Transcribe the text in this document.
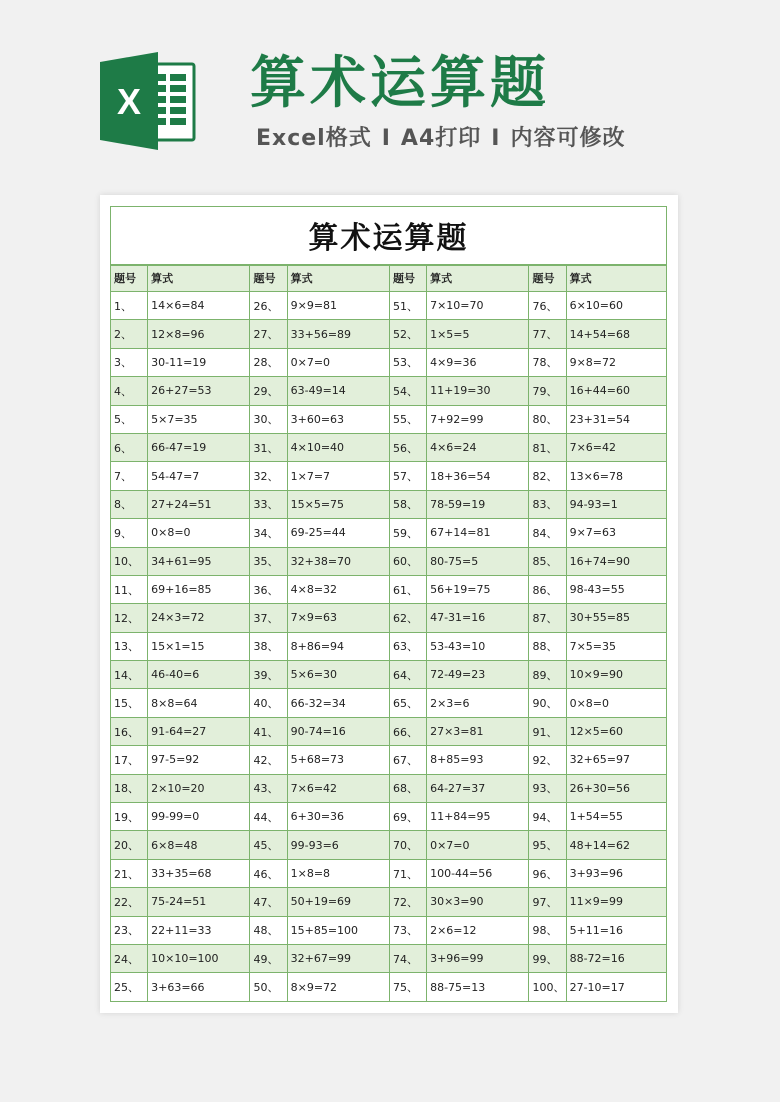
X 算术运算题
Excel格式 I A4打印 I 内容可修改
算术运算题							
题号	算式	题号	算式	题号	算式	题号	算式
1、	14×6=84	26、	9×9=81	51、	7×10=70	76、	6×10=60
2、	12×8=96	27、	33+56=89	52、	1×5=5	77、	14+54=68
3、	30-11=19	28、	0×7=0	53、	4×9=36	78、	9×8=72
4、	26+27=53	29、	63-49=14	54、	11+19=30	79、	16+44=60
5、	5×7=35	30、	3+60=63	55、	7+92=99	80、	23+31=54
6、	66-47=19	31、	4×10=40	56、	4×6=24	81、	7×6=42
7、	54-47=7	32、	1×7=7	57、	18+36=54	82、	13×6=78
8、	27+24=51	33、	15×5=75	58、	78-59=19	83、	94-93=1
9、	0×8=0	34、	69-25=44	59、	67+14=81	84、	9×7=63
10、	34+61=95	35、	32+38=70	60、	80-75=5	85、	16+74=90
11、	69+16=85	36、	4×8=32	61、	56+19=75	86、	98-43=55
12、	24×3=72	37、	7×9=63	62、	47-31=16	87、	30+55=85
13、	15×1=15	38、	8+86=94	63、	53-43=10	88、	7×5=35
14、	46-40=6	39、	5×6=30	64、	72-49=23	89、	10×9=90
15、	8×8=64	40、	66-32=34	65、	2×3=6	90、	0×8=0
16、	91-64=27	41、	90-74=16	66、	27×3=81	91、	12×5=60
17、	97-5=92	42、	5+68=73	67、	8+85=93	92、	32+65=97
18、	2×10=20	43、	7×6=42	68、	64-27=37	93、	26+30=56
19、	99-99=0	44、	6+30=36	69、	11+84=95	94、	1+54=55
20、	6×8=48	45、	99-93=6	70、	0×7=0	95、	48+14=62
21、	33+35=68	46、	1×8=8	71、	100-44=56	96、	3+93=96
22、	75-24=51	47、	50+19=69	72、	30×3=90	97、	11×9=99
23、	22+11=33	48、	15+85=100	73、	2×6=12	98、	5+11=16
24、	10×10=100	49、	32+67=99	74、	3+96=99	99、	88-72=16
25、	3+63=66	50、	8×9=72	75、	88-75=13	100、	27-10=17
